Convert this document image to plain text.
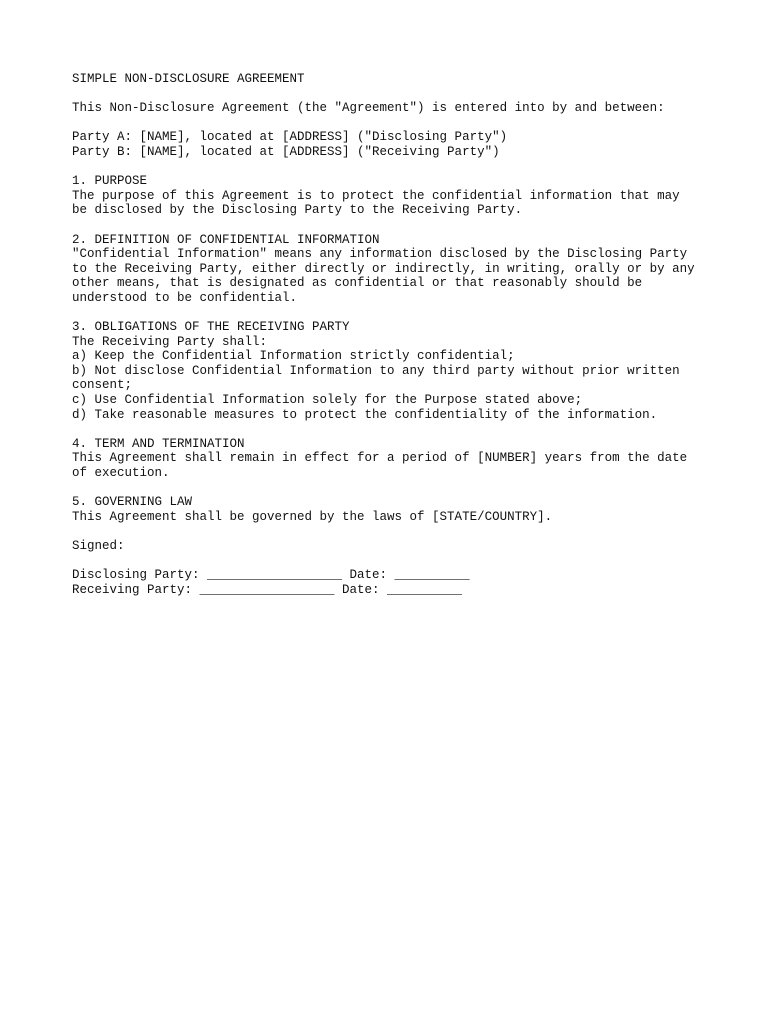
SIMPLE NON-DISCLOSURE AGREEMENT
This Non-Disclosure Agreement (the "Agreement") is entered into by and between:
Party A: [NAME], located at [ADDRESS] ("Disclosing Party")
Party B: [NAME], located at [ADDRESS] ("Receiving Party")
1. PURPOSE
The purpose of this Agreement is to protect the confidential information that may
be disclosed by the Disclosing Party to the Receiving Party.
2. DEFINITION OF CONFIDENTIAL INFORMATION
"Confidential Information" means any information disclosed by the Disclosing Party
to the Receiving Party, either directly or indirectly, in writing, orally or by any
other means, that is designated as confidential or that reasonably should be
understood to be confidential.
3. OBLIGATIONS OF THE RECEIVING PARTY
The Receiving Party shall:
a) Keep the Confidential Information strictly confidential;
b) Not disclose Confidential Information to any third party without prior written
consent;
c) Use Confidential Information solely for the Purpose stated above;
d) Take reasonable measures to protect the confidentiality of the information.
4. TERM AND TERMINATION
This Agreement shall remain in effect for a period of [NUMBER] years from the date
of execution.
5. GOVERNING LAW
This Agreement shall be governed by the laws of [STATE/COUNTRY].
Signed:
Disclosing Party: __________________ Date: __________
Receiving Party: __________________ Date: __________
